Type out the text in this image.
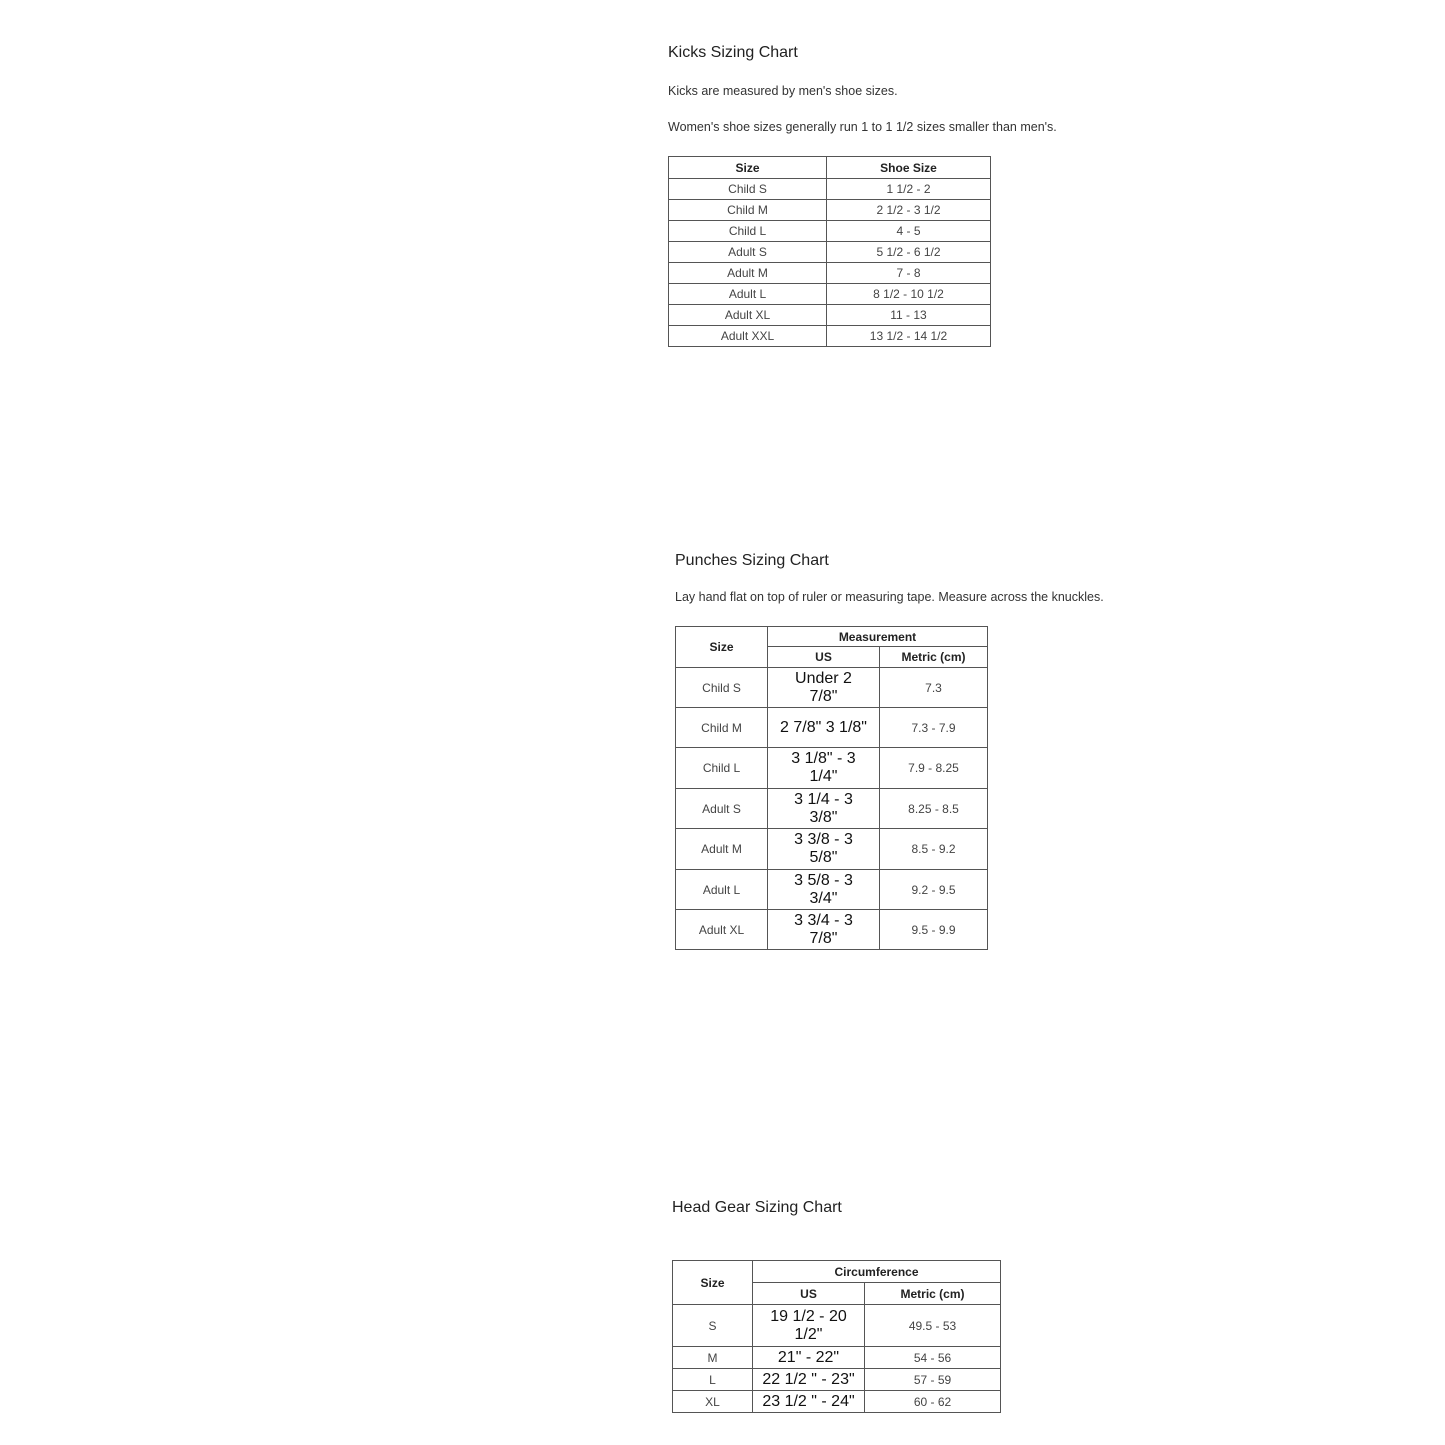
Kicks Sizing Chart

Kicks are measured by men's shoe sizes.

Women's shoe sizes generally run 1 to 1 1/2 sizes smaller than men's.

Size	Shoe Size
Child S	1 1/2 - 2
Child M	2 1/2 - 3 1/2
Child L	4 - 5
Adult S	5 1/2 - 6 1/2
Adult M	7 - 8
Adult L	8 1/2 - 10 1/2
Adult XL	11 - 13
Adult XXL	13 1/2 - 14 1/2

Punches Sizing Chart

Lay hand flat on top of ruler or measuring tape. Measure across the knuckles.

Size	Measurement	
	US	Metric (cm)
Child S	Under 2 7/8"	7.3
Child M	2 7/8" 3 1/8"	7.3 - 7.9
Child L	3 1/8" - 3 1/4"	7.9 - 8.25
Adult S	3 1/4 - 3 3/8"	8.25 - 8.5
Adult M	3 3/8 - 3 5/8"	8.5 - 9.2
Adult L	3 5/8 - 3 3/4"	9.2 - 9.5
Adult XL	3 3/4 - 3 7/8"	9.5 - 9.9

Head Gear Sizing Chart

Size	Circumference	
	US	Metric (cm)
S	19 1/2 - 20 1/2"	49.5 - 53
M	21" - 22"	54 - 56
L	22 1/2 " - 23"	57 - 59
XL	23 1/2 " - 24"	60 - 62
